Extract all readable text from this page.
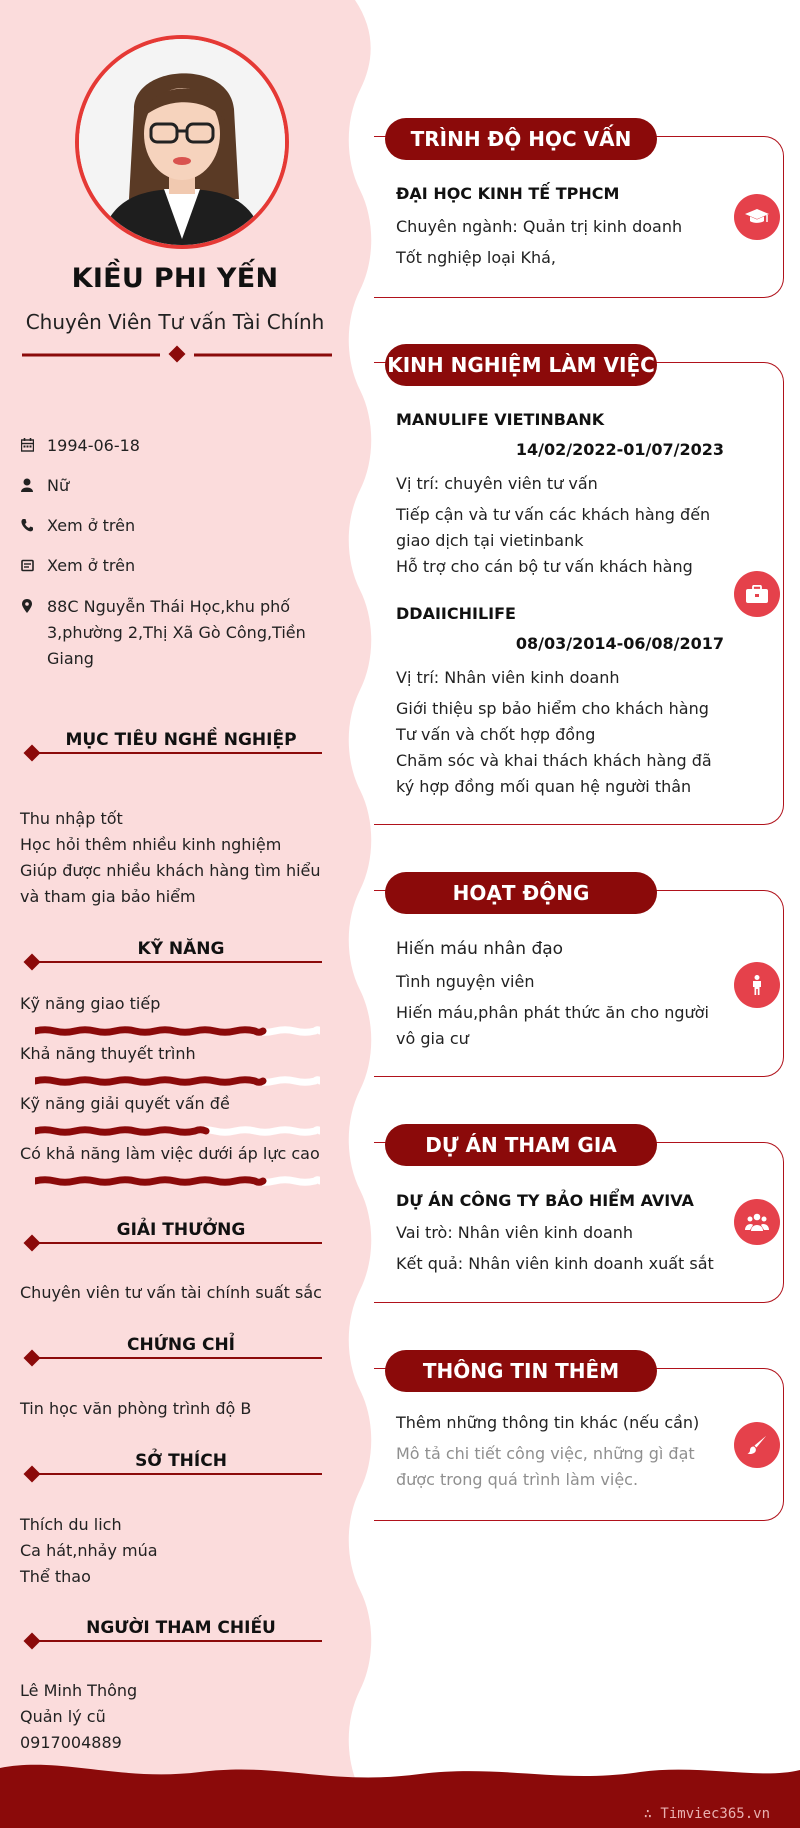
KIỀU PHI YẾN
Chuyên Viên Tư vấn Tài Chính
1994-06-18
Nữ
Xem ở trên
Xem ở trên
88C Nguyễn Thái Học,khu phố 3,phường 2,Thị Xã Gò Công,Tiền Giang
MỤC TIÊU NGHỀ NGHIỆP
Thu nhập tốt
Học hỏi thêm nhiều kinh nghiệm
Giúp được nhiều khách hàng tìm hiểu và tham gia bảo hiểm
KỸ NĂNG
Kỹ năng giao tiếp
Khả năng thuyết trình
Kỹ năng giải quyết vấn đề
Có khả năng làm việc dưới áp lực cao
GIẢI THƯỞNG
Chuyên viên tư vấn tài chính suất sắc
CHỨNG CHỈ
Tin học văn phòng trình độ B
SỞ THÍCH
Thích du lich
Ca hát,nhảy múa
Thể thao
NGƯỜI THAM CHIẾU
Lê Minh Thông
Quản lý cũ
0917004889
TRÌNH ĐỘ HỌC VẤN
ĐẠI HỌC KINH TẾ TPHCM
Chuyên ngành: Quản trị kinh doanh
Tốt nghiệp loại Khá,
KINH NGHIỆM LÀM VIỆC
MANULIFE VIETINBANK
14/02/2022-01/07/2023
Vị trí: chuyên viên tư vấn
Tiếp cận và tư vấn các khách hàng đến giao dịch tại vietinbank
Hỗ trợ cho cán bộ tư vấn khách hàng
DDAIICHILIFE
08/03/2014-06/08/2017
Vị trí: Nhân viên kinh doanh
Giới thiệu sp bảo hiểm cho khách hàng
Tư vấn và chốt hợp đồng
Chăm sóc và khai thách khách hàng đã ký hợp đồng mối quan hệ người thân
HOẠT ĐỘNG
Hiến máu nhân đạo
Tình nguyện viên
Hiến máu,phân phát thức ăn cho người vô gia cư
DỰ ÁN THAM GIA
DỰ ÁN CÔNG TY BẢO HIỂM AVIVA
Vai trò: Nhân viên kinh doanh
Kết quả: Nhân viên kinh doanh xuất sắt
THÔNG TIN THÊM
Thêm những thông tin khác (nếu cần)
Mô tả chi tiết công việc, những gì đạt được trong quá trình làm việc.
∴ Timviec365.vn
